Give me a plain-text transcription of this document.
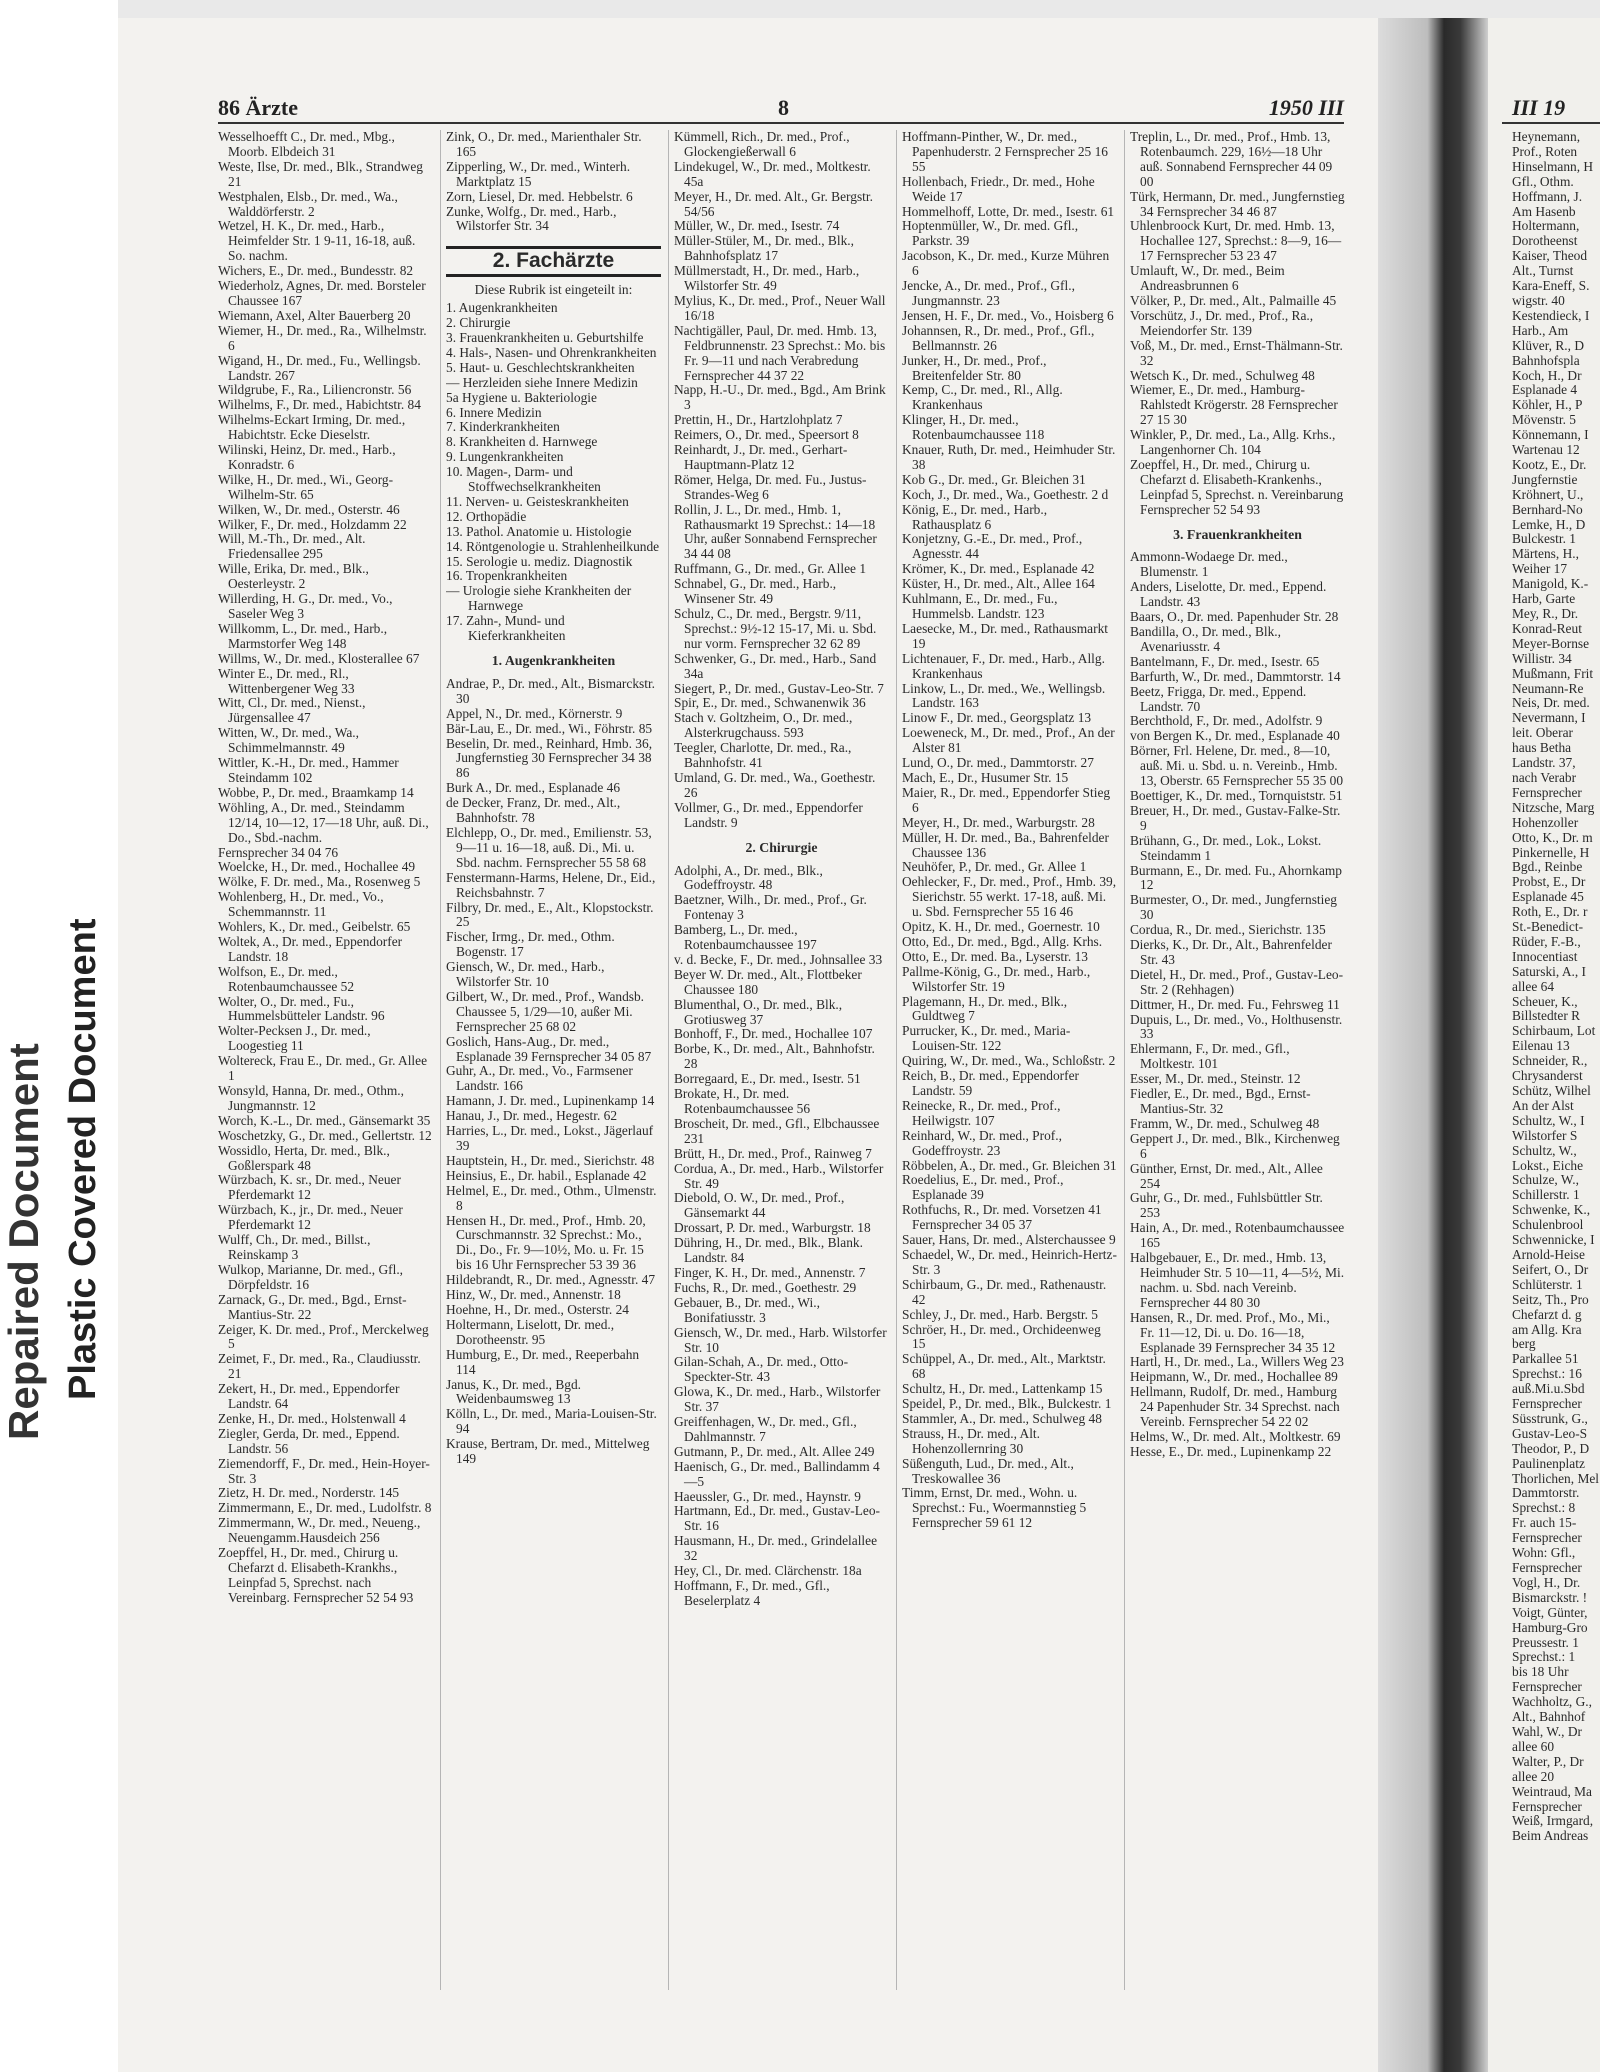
Repaired Document Plastic Covered Document
86 Ärzte	8	1950 III
Wesselhoefft C., Dr. med., Mbg., Moorb. Elbdeich 31
Weste, Ilse, Dr. med., Blk., Strandweg 21
Westphalen, Elsb., Dr. med., Wa., Walddörferstr. 2
Wetzel, H. K., Dr. med., Harb., Heimfelder Str. 1 9-11, 16-18, auß. So. nachm.
Wichers, E., Dr. med., Bundesstr. 82
Wiederholz, Agnes, Dr. med. Borsteler Chaussee 167
Wiemann, Axel, Alter Bauerberg 20
Wiemer, H., Dr. med., Ra., Wilhelmstr. 6
Wigand, H., Dr. med., Fu., Wellingsb. Landstr. 267
Wildgrube, F., Ra., Liliencronstr. 56
Wilhelms, F., Dr. med., Habichtstr. 84
Wilhelms-Eckart Irming, Dr. med., Habichtstr. Ecke Dieselstr.
Wilinski, Heinz, Dr. med., Harb., Konradstr. 6
Wilke, H., Dr. med., Wi., Georg-Wilhelm-Str. 65
Wilken, W., Dr. med., Osterstr. 46
Wilker, F., Dr. med., Holzdamm 22
Will, M.-Th., Dr. med., Alt. Friedensallee 295
Wille, Erika, Dr. med., Blk., Oesterleystr. 2
Willerding, H. G., Dr. med., Vo., Saseler Weg 3
Willkomm, L., Dr. med., Harb., Marmstorfer Weg 148
Willms, W., Dr. med., Klosterallee 67
Winter E., Dr. med., Rl., Wittenbergener Weg 33
Witt, Cl., Dr. med., Nienst., Jürgensallee 47
Witten, W., Dr. med., Wa., Schimmelmannstr. 49
Wittler, K.-H., Dr. med., Hammer Steindamm 102
Wobbe, P., Dr. med., Braamkamp 14
Wöhling, A., Dr. med., Steindamm 12/14, 10—12, 17—18 Uhr, auß. Di., Do., Sbd.-nachm.
Fernsprecher 34 04 76
Woelcke, H., Dr. med., Hochallee 49
Wölke, F. Dr. med., Ma., Rosenweg 5
Wohlenberg, H., Dr. med., Vo., Schemmannstr. 11
Wohlers, K., Dr. med., Geibelstr. 65
Woltek, A., Dr. med., Eppendorfer Landstr. 18
Wolfson, E., Dr. med., Rotenbaumchaussee 52
Wolter, O., Dr. med., Fu., Hummelsbütteler Landstr. 96
Wolter-Pecksen J., Dr. med., Loogestieg 11
Woltereck, Frau E., Dr. med., Gr. Allee 1
Wonsyld, Hanna, Dr. med., Othm., Jungmannstr. 12
Worch, K.-L., Dr. med., Gänsemarkt 35
Woschetzky, G., Dr. med., Gellertstr. 12
Wossidlo, Herta, Dr. med., Blk., Goßlerspark 48
Würzbach, K. sr., Dr. med., Neuer Pferdemarkt 12
Würzbach, K., jr., Dr. med., Neuer Pferdemarkt 12
Wulff, Ch., Dr. med., Billst., Reinskamp 3
Wulkop, Marianne, Dr. med., Gfl., Dörpfeldstr. 16
Zarnack, G., Dr. med., Bgd., Ernst-Mantius-Str. 22
Zeiger, K. Dr. med., Prof., Merckelweg 5
Zeimet, F., Dr. med., Ra., Claudiusstr. 21
Zekert, H., Dr. med., Eppendorfer Landstr. 64
Zenke, H., Dr. med., Holstenwall 4
Ziegler, Gerda, Dr. med., Eppend. Landstr. 56
Ziemendorff, F., Dr. med., Hein-Hoyer-Str. 3
Zietz, H. Dr. med., Norderstr. 145
Zimmermann, E., Dr. med., Ludolfstr. 8
Zimmermann, W., Dr. med., Neueng., Neuengamm.Hausdeich 256
Zoepffel, H., Dr. med., Chirurg u. Chefarzt d. Elisabeth-Krankhs., Leinpfad 5, Sprechst. nach Vereinbarg. Fernsprecher 52 54 93
Zink, O., Dr. med., Marienthaler Str. 165
Zipperling, W., Dr. med., Winterh. Marktplatz 15
Zorn, Liesel, Dr. med. Hebbelstr. 6
Zunke, Wolfg., Dr. med., Harb., Wilstorfer Str. 34
2. Fachärzte
Diese Rubrik ist eingeteilt in:
1. Augenkrankheiten
2. Chirurgie
3. Frauenkrankheiten u. Geburtshilfe
4. Hals-, Nasen- und Ohrenkrankheiten
5. Haut- u. Geschlechtskrankheiten
— Herzleiden siehe Innere Medizin
5a Hygiene u. Bakteriologie
6. Innere Medizin
7. Kinderkrankheiten
8. Krankheiten d. Harnwege
9. Lungenkrankheiten
10. Magen-, Darm- und Stoffwechselkrankheiten
11. Nerven- u. Geisteskrankheiten
12. Orthopädie
13. Pathol. Anatomie u. Histologie
14. Röntgenologie u. Strahlenheilkunde
15. Serologie u. mediz. Diagnostik
16. Tropenkrankheiten
— Urologie siehe Krankheiten der Harnwege
17. Zahn-, Mund- und Kieferkrankheiten
1. Augenkrankheiten
Andrae, P., Dr. med., Alt., Bismarckstr. 30
Appel, N., Dr. med., Körnerstr. 9
Bär-Lau, E., Dr. med., Wi., Föhrstr. 85
Beselin, Dr. med., Reinhard, Hmb. 36, Jungfernstieg 30 Fernsprecher 34 38 86
Burk A., Dr. med., Esplanade 46
de Decker, Franz, Dr. med., Alt., Bahnhofstr. 78
Elchlepp, O., Dr. med., Emilienstr. 53, 9—11 u. 16—18, auß. Di., Mi. u. Sbd. nachm. Fernsprecher 55 58 68
Fenstermann-Harms, Helene, Dr., Eid., Reichsbahnstr. 7
Filbry, Dr. med., E., Alt., Klopstockstr. 25
Fischer, Irmg., Dr. med., Othm. Bogenstr. 17
Giensch, W., Dr. med., Harb., Wilstorfer Str. 10
Gilbert, W., Dr. med., Prof., Wandsb. Chaussee 5, 1/29—10, außer Mi. Fernsprecher 25 68 02
Goslich, Hans-Aug., Dr. med., Esplanade 39 Fernsprecher 34 05 87
Guhr, A., Dr. med., Vo., Farmsener Landstr. 166
Hamann, J. Dr. med., Lupinenkamp 14
Hanau, J., Dr. med., Hegestr. 62
Harries, L., Dr. med., Lokst., Jägerlauf 39
Hauptstein, H., Dr. med., Sierichstr. 48
Heinsius, E., Dr. habil., Esplanade 42
Helmel, E., Dr. med., Othm., Ulmenstr. 8
Hensen H., Dr. med., Prof., Hmb. 20, Curschmannstr. 32 Sprechst.: Mo., Di., Do., Fr. 9—10½, Mo. u. Fr. 15 bis 16 Uhr Fernsprecher 53 39 36
Hildebrandt, R., Dr. med., Agnesstr. 47
Hinz, W., Dr. med., Annenstr. 18
Hoehne, H., Dr. med., Osterstr. 24
Holtermann, Liselott, Dr. med., Dorotheenstr. 95
Humburg, E., Dr. med., Reeperbahn 114
Janus, K., Dr. med., Bgd. Weidenbaumsweg 13
Kölln, L., Dr. med., Maria-Louisen-Str. 94
Krause, Bertram, Dr. med., Mittelweg 149
Kümmell, Rich., Dr. med., Prof., Glockengießerwall 6
Lindekugel, W., Dr. med., Moltkestr. 45a
Meyer, H., Dr. med. Alt., Gr. Bergstr. 54/56
Müller, W., Dr. med., Isestr. 74
Müller-Stüler, M., Dr. med., Blk., Bahnhofsplatz 17
Müllmerstadt, H., Dr. med., Harb., Wilstorfer Str. 49
Mylius, K., Dr. med., Prof., Neuer Wall 16/18
Nachtigäller, Paul, Dr. med. Hmb. 13, Feldbrunnenstr. 23 Sprechst.: Mo. bis Fr. 9—11 und nach Verabredung Fernsprecher 44 37 22
Napp, H.-U., Dr. med., Bgd., Am Brink 3
Prettin, H., Dr., Hartzlohplatz 7
Reimers, O., Dr. med., Speersort 8
Reinhardt, J., Dr. med., Gerhart-Hauptmann-Platz 12
Römer, Helga, Dr. med. Fu., Justus-Strandes-Weg 6
Rollin, J. L., Dr. med., Hmb. 1, Rathausmarkt 19 Sprechst.: 14—18 Uhr, außer Sonnabend Fernsprecher 34 44 08
Ruffmann, G., Dr. med., Gr. Allee 1
Schnabel, G., Dr. med., Harb., Winsener Str. 49
Schulz, C., Dr. med., Bergstr. 9/11, Sprechst.: 9½-12 15-17, Mi. u. Sbd. nur vorm. Fernsprecher 32 62 89
Schwenker, G., Dr. med., Harb., Sand 34a
Siegert, P., Dr. med., Gustav-Leo-Str. 7
Spir, E., Dr. med., Schwanenwik 36
Stach v. Goltzheim, O., Dr. med., Alsterkrugchauss. 593
Teegler, Charlotte, Dr. med., Ra., Bahnhofstr. 41
Umland, G. Dr. med., Wa., Goethestr. 26
Vollmer, G., Dr. med., Eppendorfer Landstr. 9
2. Chirurgie
Adolphi, A., Dr. med., Blk., Godeffroystr. 48
Baetzner, Wilh., Dr. med., Prof., Gr. Fontenay 3
Bamberg, L., Dr. med., Rotenbaumchaussee 197
v. d. Becke, F., Dr. med., Johnsallee 33
Beyer W. Dr. med., Alt., Flottbeker Chaussee 180
Blumenthal, O., Dr. med., Blk., Grotiusweg 37
Bonhoff, F., Dr. med., Hochallee 107
Borbe, K., Dr. med., Alt., Bahnhofstr. 28
Borregaard, E., Dr. med., Isestr. 51
Brokate, H., Dr. med. Rotenbaumchaussee 56
Broscheit, Dr. med., Gfl., Elbchaussee 231
Brütt, H., Dr. med., Prof., Rainweg 7
Cordua, A., Dr. med., Harb., Wilstorfer Str. 49
Diebold, O. W., Dr. med., Prof., Gänsemarkt 44
Drossart, P. Dr. med., Warburgstr. 18
Dühring, H., Dr. med., Blk., Blank. Landstr. 84
Finger, K. H., Dr. med., Annenstr. 7
Fuchs, R., Dr. med., Goethestr. 29
Gebauer, B., Dr. med., Wi., Bonifatiusstr. 3
Giensch, W., Dr. med., Harb. Wilstorfer Str. 10
Gilan-Schah, A., Dr. med., Otto-Speckter-Str. 43
Glowa, K., Dr. med., Harb., Wilstorfer Str. 37
Greiffenhagen, W., Dr. med., Gfl., Dahlmannstr. 7
Gutmann, P., Dr. med., Alt. Allee 249
Haenisch, G., Dr. med., Ballindamm 4—5
Haeussler, G., Dr. med., Haynstr. 9
Hartmann, Ed., Dr. med., Gustav-Leo-Str. 16
Hausmann, H., Dr. med., Grindelallee 32
Hey, Cl., Dr. med. Clärchenstr. 18a
Hoffmann, F., Dr. med., Gfl., Beselerplatz 4
Hoffmann-Pinther, W., Dr. med., Papenhuderstr. 2 Fernsprecher 25 16 55
Hollenbach, Friedr., Dr. med., Hohe Weide 17
Hommelhoff, Lotte, Dr. med., Isestr. 61
Hoptenmüller, W., Dr. med. Gfl., Parkstr. 39
Jacobson, K., Dr. med., Kurze Mühren 6
Jencke, A., Dr. med., Prof., Gfl., Jungmannstr. 23
Jensen, H. F., Dr. med., Vo., Hoisberg 6
Johannsen, R., Dr. med., Prof., Gfl., Bellmannstr. 26
Junker, H., Dr. med., Prof., Breitenfelder Str. 80
Kemp, C., Dr. med., Rl., Allg. Krankenhaus
Klinger, H., Dr. med., Rotenbaumchaussee 118
Knauer, Ruth, Dr. med., Heimhuder Str. 38
Kob G., Dr. med., Gr. Bleichen 31
Koch, J., Dr. med., Wa., Goethestr. 2 d
König, E., Dr. med., Harb., Rathausplatz 6
Konjetzny, G.-E., Dr. med., Prof., Agnesstr. 44
Krömer, K., Dr. med., Esplanade 42
Küster, H., Dr. med., Alt., Allee 164
Kuhlmann, E., Dr. med., Fu., Hummelsb. Landstr. 123
Laesecke, M., Dr. med., Rathausmarkt 19
Lichtenauer, F., Dr. med., Harb., Allg. Krankenhaus
Linkow, L., Dr. med., We., Wellingsb. Landstr. 163
Linow F., Dr. med., Georgsplatz 13
Loeweneck, M., Dr. med., Prof., An der Alster 81
Lund, O., Dr. med., Dammtorstr. 27
Mach, E., Dr., Husumer Str. 15
Maier, R., Dr. med., Eppendorfer Stieg 6
Meyer, H., Dr. med., Warburgstr. 28
Müller, H. Dr. med., Ba., Bahrenfelder Chaussee 136
Neuhöfer, P., Dr. med., Gr. Allee 1
Oehlecker, F., Dr. med., Prof., Hmb. 39, Sierichstr. 55 werkt. 17-18, auß. Mi. u. Sbd. Fernsprecher 55 16 46
Opitz, K. H., Dr. med., Goernestr. 10
Otto, Ed., Dr. med., Bgd., Allg. Krhs.
Otto, E., Dr. med. Ba., Lyserstr. 13
Pallme-König, G., Dr. med., Harb., Wilstorfer Str. 19
Plagemann, H., Dr. med., Blk., Guldtweg 7
Purrucker, K., Dr. med., Maria-Louisen-Str. 122
Quiring, W., Dr. med., Wa., Schloßstr. 2
Reich, B., Dr. med., Eppendorfer Landstr. 59
Reinecke, R., Dr. med., Prof., Heilwigstr. 107
Reinhard, W., Dr. med., Prof., Godeffroystr. 23
Röbbelen, A., Dr. med., Gr. Bleichen 31
Roedelius, E., Dr. med., Prof., Esplanade 39
Rothfuchs, R., Dr. med. Vorsetzen 41 Fernsprecher 34 05 37
Sauer, Hans, Dr. med., Alsterchaussee 9
Schaedel, W., Dr. med., Heinrich-Hertz-Str. 3
Schirbaum, G., Dr. med., Rathenaustr. 42
Schley, J., Dr. med., Harb. Bergstr. 5
Schröer, H., Dr. med., Orchideenweg 15
Schüppel, A., Dr. med., Alt., Marktstr. 68
Schultz, H., Dr. med., Lattenkamp 15
Speidel, P., Dr. med., Blk., Bulckestr. 1
Stammler, A., Dr. med., Schulweg 48
Strauss, H., Dr. med., Alt. Hohenzollernring 30
Süßenguth, Lud., Dr. med., Alt., Treskowallee 36
Timm, Ernst, Dr. med., Wohn. u. Sprechst.: Fu., Woermannstieg 5 Fernsprecher 59 61 12
Treplin, L., Dr. med., Prof., Hmb. 13, Rotenbaumch. 229, 16½—18 Uhr auß. Sonnabend Fernsprecher 44 09 00
Türk, Hermann, Dr. med., Jungfernstieg 34 Fernsprecher 34 46 87
Uhlenbroock Kurt, Dr. med. Hmb. 13, Hochallee 127, Sprechst.: 8—9, 16—17 Fernsprecher 53 23 47
Umlauft, W., Dr. med., Beim Andreasbrunnen 6
Völker, P., Dr. med., Alt., Palmaille 45
Vorschütz, J., Dr. med., Prof., Ra., Meiendorfer Str. 139
Voß, M., Dr. med., Ernst-Thälmann-Str. 32
Wetsch K., Dr. med., Schulweg 48
Wiemer, E., Dr. med., Hamburg-Rahlstedt Krögerstr. 28 Fernsprecher 27 15 30
Winkler, P., Dr. med., La., Allg. Krhs., Langenhorner Ch. 104
Zoepffel, H., Dr. med., Chirurg u. Chefarzt d. Elisabeth-Krankenhs., Leinpfad 5, Sprechst. n. Vereinbarung Fernsprecher 52 54 93
3. Frauenkrankheiten
Ammonn-Wodaege Dr. med., Blumenstr. 1
Anders, Liselotte, Dr. med., Eppend. Landstr. 43
Baars, O., Dr. med. Papenhuder Str. 28
Bandilla, O., Dr. med., Blk., Avenariusstr. 4
Bantelmann, F., Dr. med., Isestr. 65
Barfurth, W., Dr. med., Dammtorstr. 14
Beetz, Frigga, Dr. med., Eppend. Landstr. 70
Berchthold, F., Dr. med., Adolfstr. 9
von Bergen K., Dr. med., Esplanade 40
Börner, Frl. Helene, Dr. med., 8—10, auß. Mi. u. Sbd. u. n. Vereinb., Hmb. 13, Oberstr. 65 Fernsprecher 55 35 00
Boettiger, K., Dr. med., Tornquiststr. 51
Breuer, H., Dr. med., Gustav-Falke-Str. 9
Brühann, G., Dr. med., Lok., Lokst. Steindamm 1
Burmann, E., Dr. med. Fu., Ahornkamp 12
Burmester, O., Dr. med., Jungfernstieg 30
Cordua, R., Dr. med., Sierichstr. 135
Dierks, K., Dr. Dr., Alt., Bahrenfelder Str. 43
Dietel, H., Dr. med., Prof., Gustav-Leo-Str. 2 (Rehhagen)
Dittmer, H., Dr. med. Fu., Fehrsweg 11
Dupuis, L., Dr. med., Vo., Holthusenstr. 33
Ehlermann, F., Dr. med., Gfl., Moltkestr. 101
Esser, M., Dr. med., Steinstr. 12
Fiedler, E., Dr. med., Bgd., Ernst-Mantius-Str. 32
Framm, W., Dr. med., Schulweg 48
Geppert J., Dr. med., Blk., Kirchenweg 6
Günther, Ernst, Dr. med., Alt., Allee 254
Guhr, G., Dr. med., Fuhlsbüttler Str. 253
Hain, A., Dr. med., Rotenbaumchaussee 165
Halbgebauer, E., Dr. med., Hmb. 13, Heimhuder Str. 5 10—11, 4—5½, Mi. nachm. u. Sbd. nach Vereinb. Fernsprecher 44 80 30
Hansen, R., Dr. med. Prof., Mo., Mi., Fr. 11—12, Di. u. Do. 16—18, Esplanade 39 Fernsprecher 34 35 12
Hartl, H., Dr. med., La., Willers Weg 23
Heipmann, W., Dr. med., Hochallee 89
Hellmann, Rudolf, Dr. med., Hamburg 24 Papenhuder Str. 34 Sprechst. nach Vereinb. Fernsprecher 54 22 02
Helms, W., Dr. med. Alt., Moltkestr. 69
Hesse, E., Dr. med., Lupinenkamp 22
III 19
Heynemann,
Prof., Roten
Hinselmann, H
Gfl., Othm.
Hoffmann, J.
Am Hasenb
Holtermann,
Dorotheenst
Kaiser, Theod
Alt., Turnst
Kara-Eneff, S.
wigstr. 40
Kestendieck, I
Harb., Am
Klüver, R., D
Bahnhofspla
Koch, H., Dr
Esplanade 4
Köhler, H., P
Mövenstr. 5
Könnemann, I
Wartenau 12
Kootz, E., Dr.
Jungfernstie
Kröhnert, U.,
Bernhard-No
Lemke, H., D
Bulckestr. 1
Märtens, H.,
Weiher 17
Manigold, K.-
Harb, Garte
Mey, R., Dr.
Konrad-Reut
Meyer-Bornse
Willistr. 34
Mußmann, Frit
Neumann-Re
Neis, Dr. med.
Nevermann, I
leit. Oberar
haus Betha
Landstr. 37,
nach Verabr
Fernsprecher
Nitzsche, Marg
Hohenzoller
Otto, K., Dr. m
Pinkernelle, H
Bgd., Reinbe
Probst, E., Dr
Esplanade 45
Roth, E., Dr. r
St.-Benedict-
Rüder, F.-B.,
Innocentiast
Saturski, A., I
allee 64
Scheuer, K.,
Billstedter R
Schirbaum, Lot
Eilenau 13
Schneider, R.,
Chrysanderst
Schütz, Wilhel
An der Alst
Schultz, W., I
Wilstorfer S
Schultz, W.,
Lokst., Eiche
Schulze, W.,
Schillerstr. 1
Schwenke, K.,
Schulenbrool
Schwennicke, I
Arnold-Heise
Seifert, O., Dr
Schlüterstr. 1
Seitz, Th., Pro
Chefarzt d. g
am Allg. Kra
berg
Parkallee 51
Sprechst.: 16
auß.Mi.u.Sbd
Fernsprecher
Süsstrunk, G.,
Gustav-Leo-S
Theodor, P., D
Paulinenplatz
Thorlichen, Mel
Dammtorstr.
Sprechst.: 8
Fr. auch 15-
Fernsprecher
Wohn: Gfl.,
Fernsprecher
Vogl, H., Dr.
Bismarckstr. !
Voigt, Günter,
Hamburg-Gro
Preussestr. 1
Sprechst.: 1
bis 18 Uhr
Fernsprecher
Wachholtz, G.,
Alt., Bahnhof
Wahl, W., Dr
allee 60
Walter, P., Dr
allee 20
Weintraud, Ma
Fernsprecher
Weiß, Irmgard,
Beim Andreas
